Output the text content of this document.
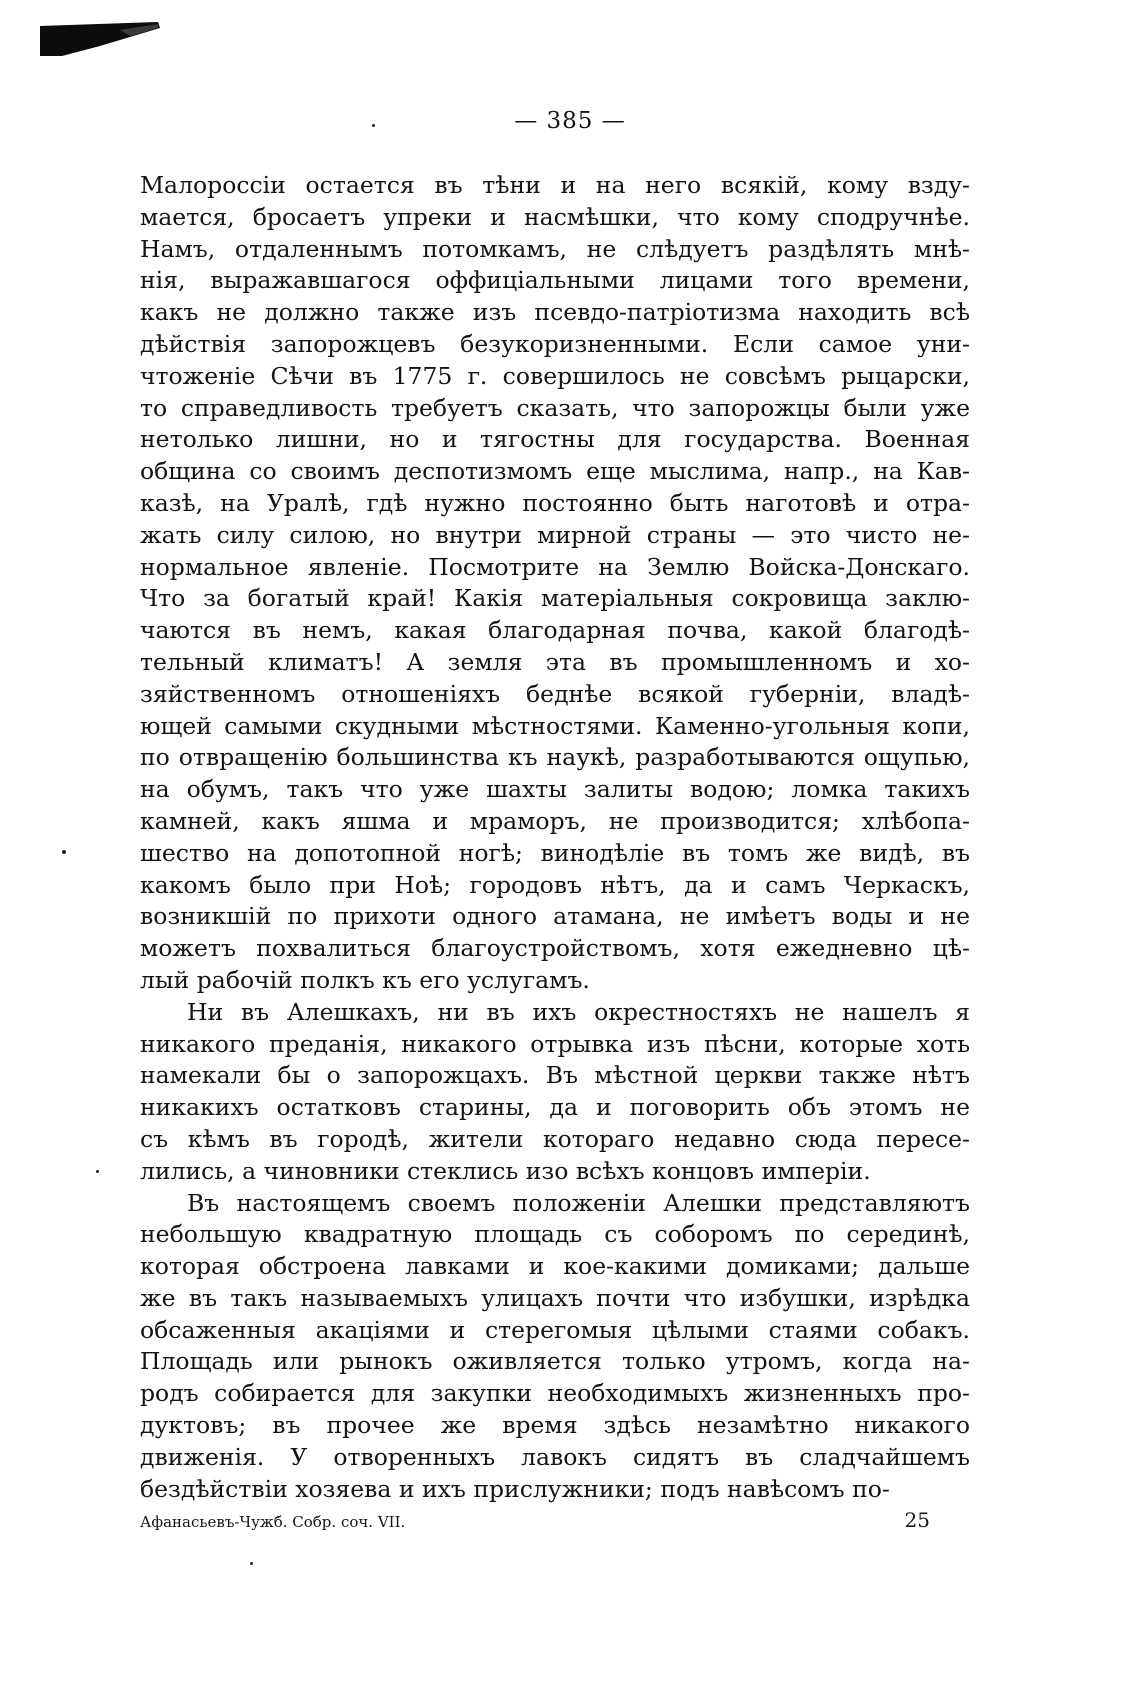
— 385 —
Малороссіи остается въ тѣни и на него всякій, кому взду-
мается, бросаетъ упреки и насмѣшки, что кому сподручнѣе.
Намъ, отдаленнымъ потомкамъ, не слѣдуетъ раздѣлять мнѣ-
нія, выражавшагося оффиціальными лицами того времени,
какъ не должно также изъ псевдо-патріотизма находить всѣ
дѣйствія запорожцевъ безукоризненными. Если самое уни-
чтоженіе Сѣчи въ 1775 г. совершилось не совсѣмъ рыцарски,
то справедливость требуетъ сказать, что запорожцы были уже
нетолько лишни, но и тягостны для государства. Военная
община со своимъ деспотизмомъ еще мыслима, напр., на Кав-
казѣ, на Уралѣ, гдѣ нужно постоянно быть наготовѣ и отра-
жать силу силою, но внутри мирной страны — это чисто не-
нормальное явленіе. Посмотрите на Землю Войска-Донскаго.
Что за богатый край! Какія матеріальныя сокровища заклю-
чаются въ немъ, какая благодарная почва, какой благодѣ-
тельный климатъ! А земля эта въ промышленномъ и хо-
зяйственномъ отношеніяхъ беднѣе всякой губерніи, владѣ-
ющей самыми скудными мѣстностями. Каменно-угольныя копи,
по отвращенію большинства къ наукѣ, разработываются ощупью,
на обумъ, такъ что уже шахты залиты водою; ломка такихъ
камней, какъ яшма и мраморъ, не производится; хлѣбопа-
шество на допотопной ногѣ; винодѣліе въ томъ же видѣ, въ
какомъ было при Ноѣ; городовъ нѣтъ, да и самъ Черкаскъ,
возникшій по прихоти одного атамана, не имѣетъ воды и не
можетъ похвалиться благоустройствомъ, хотя ежедневно цѣ-
лый рабочій полкъ къ его услугамъ.
Ни въ Алешкахъ, ни въ ихъ окрестностяхъ не нашелъ я
никакого преданія, никакого отрывка изъ пѣсни, которые хоть
намекали бы о запорожцахъ. Въ мѣстной церкви также нѣтъ
никакихъ остатковъ старины, да и поговорить объ этомъ не
съ кѣмъ въ городѣ, жители котораго недавно сюда пересе-
лились, а чиновники стеклись изо всѣхъ концовъ имперіи.
Въ настоящемъ своемъ положеніи Алешки представляютъ
небольшую квадратную площадь съ соборомъ по серединѣ,
которая обстроена лавками и кое-какими домиками; дальше
же въ такъ называемыхъ улицахъ почти что избушки, изрѣдка
обсаженныя акаціями и стерегомыя цѣлыми стаями собакъ.
Площадь или рынокъ оживляется только утромъ, когда на-
родъ собирается для закупки необходимыхъ жизненныхъ про-
дуктовъ; въ прочее же время здѣсь незамѣтно никакого
движенія. У отворенныхъ лавокъ сидятъ въ сладчайшемъ
бездѣйствіи хозяева и ихъ прислужники; подъ навѣсомъ по-
Афанасьевъ-Чужб. Собр. соч. VII.	25
